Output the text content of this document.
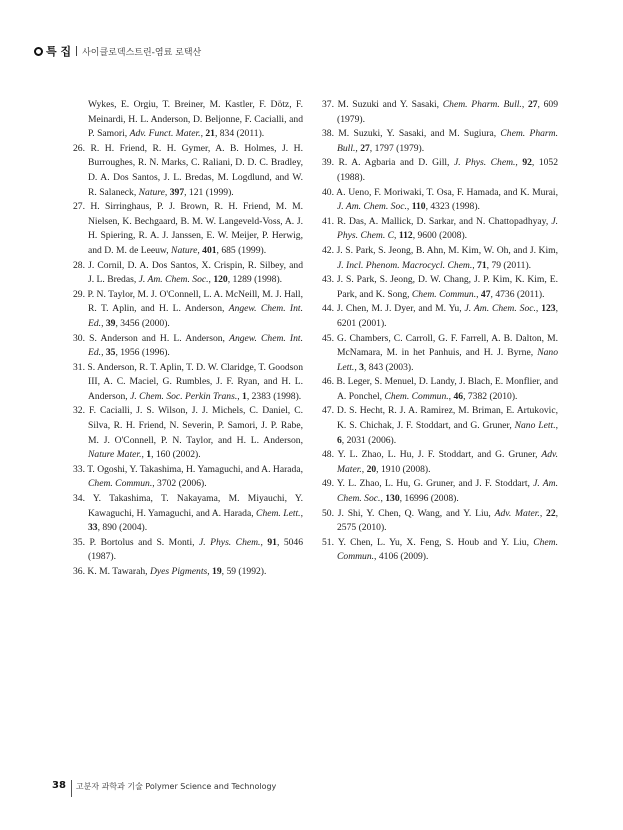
특 집 사이클로덱스트린-염료 로택산

Wykes, E. Orgiu, T. Breiner, M. Kastler, F. Dötz, F. Meinardi, H. L. Anderson, D. Beljonne, F. Cacialli, and P. Samori, Adv. Funct. Mater., 21, 834 (2011).

26. R. H. Friend, R. H. Gymer, A. B. Holmes, J. H. Burroughes, R. N. Marks, C. Raliani, D. D. C. Bradley, D. A. Dos Santos, J. L. Bredas, M. Logdlund, and W. R. Salaneck, Nature, 397, 121 (1999).

27. H. Sirringhaus, P. J. Brown, R. H. Friend, M. M. Nielsen, K. Bechgaard, B. M. W. Langeveld-Voss, A. J. H. Spiering, R. A. J. Janssen, E. W. Meijer, P. Herwig, and D. M. de Leeuw, Nature, 401, 685 (1999).

28. J. Cornil, D. A. Dos Santos, X. Crispin, R. Silbey, and J. L. Bredas, J. Am. Chem. Soc., 120, 1289 (1998).

29. P. N. Taylor, M. J. O'Connell, L. A. McNeill, M. J. Hall, R. T. Aplin, and H. L. Anderson, Angew. Chem. Int. Ed., 39, 3456 (2000).

30. S. Anderson and H. L. Anderson, Angew. Chem. Int. Ed., 35, 1956 (1996).

31. S. Anderson, R. T. Aplin, T. D. W. Claridge, T. Goodson III, A. C. Maciel, G. Rumbles, J. F. Ryan, and H. L. Anderson, J. Chem. Soc. Perkin Trans., 1, 2383 (1998).

32. F. Cacialli, J. S. Wilson, J. J. Michels, C. Daniel, C. Silva, R. H. Friend, N. Severin, P. Samori, J. P. Rabe, M. J. O'Connell, P. N. Taylor, and H. L. Anderson, Nature Mater., 1, 160 (2002).

33. T. Ogoshi, Y. Takashima, H. Yamaguchi, and A. Harada, Chem. Commun., 3702 (2006).

34. Y. Takashima, T. Nakayama, M. Miyauchi, Y. Kawaguchi, H. Yamaguchi, and A. Harada, Chem. Lett., 33, 890 (2004).

35. P. Bortolus and S. Monti, J. Phys. Chem., 91, 5046 (1987).

36. K. M. Tawarah, Dyes Pigments, 19, 59 (1992).

37. M. Suzuki and Y. Sasaki, Chem. Pharm. Bull., 27, 609 (1979).

38. M. Suzuki, Y. Sasaki, and M. Sugiura, Chem. Pharm. Bull., 27, 1797 (1979).

39. R. A. Agbaria and D. Gill, J. Phys. Chem., 92, 1052 (1988).

40. A. Ueno, F. Moriwaki, T. Osa, F. Hamada, and K. Murai, J. Am. Chem. Soc., 110, 4323 (1998).

41. R. Das, A. Mallick, D. Sarkar, and N. Chattopadhyay, J. Phys. Chem. C, 112, 9600 (2008).

42. J. S. Park, S. Jeong, B. Ahn, M. Kim, W. Oh, and J. Kim, J. Incl. Phenom. Macrocycl. Chem., 71, 79 (2011).

43. J. S. Park, S. Jeong, D. W. Chang, J. P. Kim, K. Kim, E. Park, and K. Song, Chem. Commun., 47, 4736 (2011).

44. J. Chen, M. J. Dyer, and M. Yu, J. Am. Chem. Soc., 123, 6201 (2001).

45. G. Chambers, C. Carroll, G. F. Farrell, A. B. Dalton, M. McNamara, M. in het Panhuis, and H. J. Byrne, Nano Lett., 3, 843 (2003).

46. B. Leger, S. Menuel, D. Landy, J. Blach, E. Monflier, and A. Ponchel, Chem. Commun., 46, 7382 (2010).

47. D. S. Hecht, R. J. A. Ramirez, M. Briman, E. Artukovic, K. S. Chichak, J. F. Stoddart, and G. Gruner, Nano Lett., 6, 2031 (2006).

48. Y. L. Zhao, L. Hu, J. F. Stoddart, and G. Gruner, Adv. Mater., 20, 1910 (2008).

49. Y. L. Zhao, L. Hu, G. Gruner, and J. F. Stoddart, J. Am. Chem. Soc., 130, 16996 (2008).

50. J. Shi, Y. Chen, Q. Wang, and Y. Liu, Adv. Mater., 22, 2575 (2010).

51. Y. Chen, L. Yu, X. Feng, S. Houb and Y. Liu, Chem. Commun., 4106 (2009).

38 고분자 과학과 기술 Polymer Science and Technology
